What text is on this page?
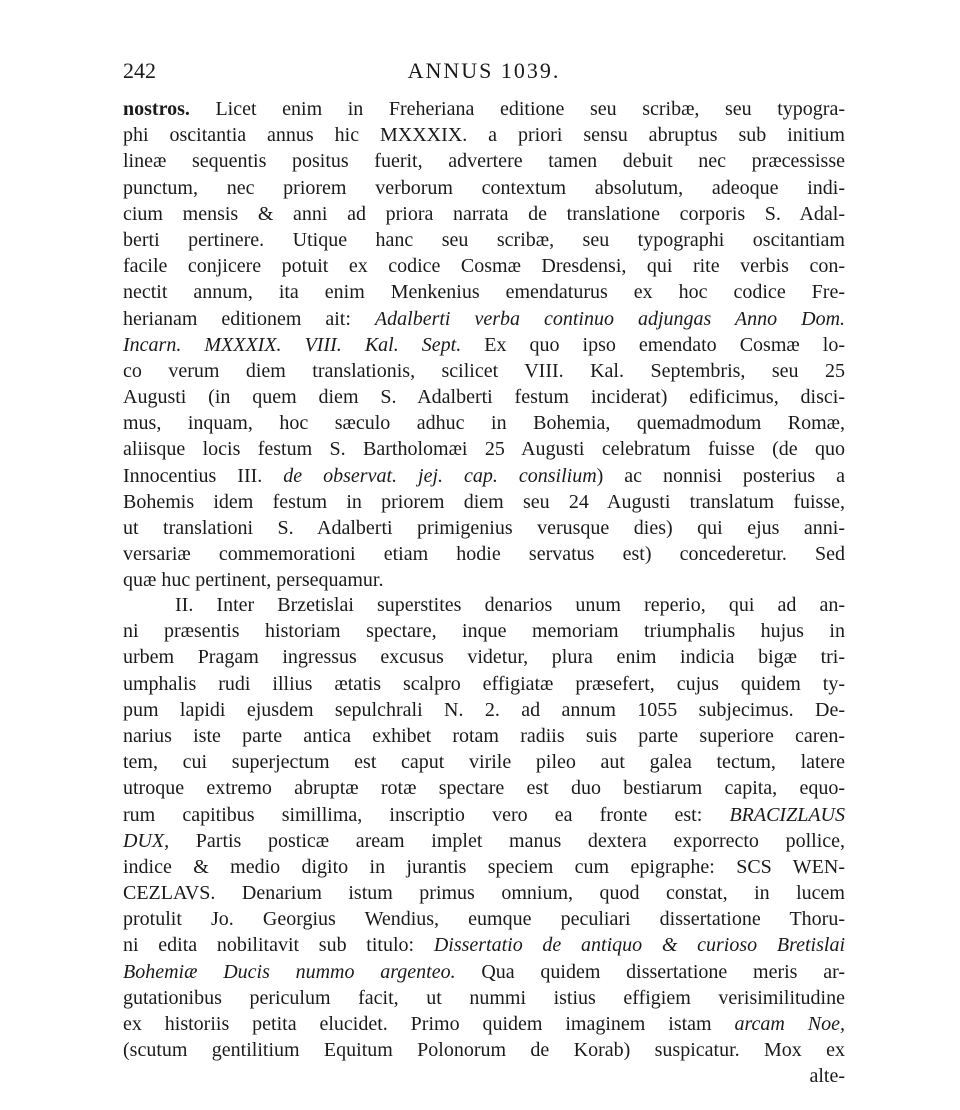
242	ANNUS 1039.
nostros. Licet enim in Freheriana editione seu scribæ, seu typogra-
phi oscitantia annus hic MXXXIX. a priori sensu abruptus sub initium
lineæ sequentis positus fuerit, advertere tamen debuit nec præcessisse
punctum, nec priorem verborum contextum absolutum, adeoque indi-
cium mensis & anni ad priora narrata de translatione corporis S. Adal-
berti pertinere. Utique hanc seu scribæ, seu typographi oscitantiam
facile conjicere potuit ex codice Cosmæ Dresdensi, qui rite verbis con-
nectit annum, ita enim Menkenius emendaturus ex hoc codice Fre-
herianam editionem ait: Adalberti verba continuo adjungas Anno Dom.
Incarn. MXXXIX. VIII. Kal. Sept. Ex quo ipso emendato Cosmæ lo-
co verum diem translationis, scilicet VIII. Kal. Septembris, seu 25
Augusti (in quem diem S. Adalberti festum inciderat) edificimus, disci-
mus, inquam, hoc sæculo adhuc in Bohemia, quemadmodum Romæ,
aliisque locis festum S. Bartholomæi 25 Augusti celebratum fuisse (de quo
Innocentius III. de observat. jej. cap. consilium) ac nonnisi posterius a
Bohemis idem festum in priorem diem seu 24 Augusti translatum fuisse,
ut translationi S. Adalberti primigenius verusque dies) qui ejus anni-
versariæ commemorationi etiam hodie servatus est) concederetur. Sed
quæ huc pertinent, persequamur.
II. Inter Brzetislai superstites denarios unum reperio, qui ad an-
ni præsentis historiam spectare, inque memoriam triumphalis hujus in
urbem Pragam ingressus excusus videtur, plura enim indicia bigæ tri-
umphalis rudi illius ætatis scalpro effigiatæ præsefert, cujus quidem ty-
pum lapidi ejusdem sepulchrali N. 2. ad annum 1055 subjecimus. De-
narius iste parte antica exhibet rotam radiis suis parte superiore caren-
tem, cui superjectum est caput virile pileo aut galea tectum, latere
utroque extremo abruptæ rotæ spectare est duo bestiarum capita, equo-
rum capitibus simillima, inscriptio vero ea fronte est: BRACIZLAUS
DUX, Partis posticæ aream implet manus dextera exporrecto pollice,
indice & medio digito in jurantis speciem cum epigraphe: SCS WEN-
CEZLAVS. Denarium istum primus omnium, quod constat, in lucem
protulit Jo. Georgius Wendius, eumque peculiari dissertatione Thoru-
ni edita nobilitavit sub titulo: Dissertatio de antiquo & curioso Bretislai
Bohemiæ Ducis nummo argenteo. Qua quidem dissertatione meris ar-
gutationibus periculum facit, ut nummi istius effigiem verisimilitudine
ex historiis petita elucidet. Primo quidem imaginem istam arcam Noe,
(scutum gentilitium Equitum Polonorum de Korab) suspicatur. Mox ex
alte-
